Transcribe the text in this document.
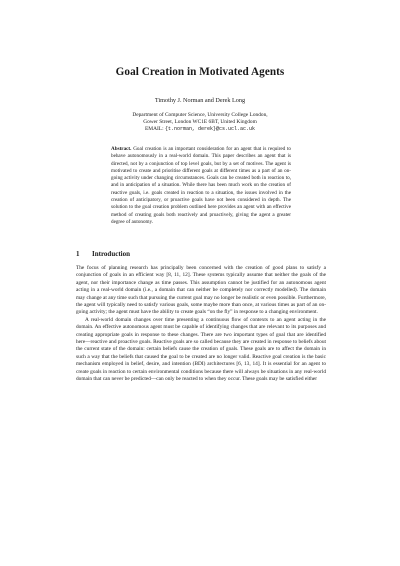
Goal Creation in Motivated Agents
Timothy J. Norman and Derek Long
Department of Computer Science, University College London,
Gower Street, London WC1E 6BT, United Kingdom
EMAIL: {t.norman, derek}@cs.ucl.ac.uk

Abstract. Goal creation is an important consideration for an agent that is required to behave autonomously in a real-world domain. This paper describes an agent that is directed, not by a conjunction of top level goals, but by a set of motives. The agent is motivated to create and prioritise different goals at different times as a part of an on-going activity under changing circumstances. Goals can be created both in reaction to, and in anticipation of a situation. While there has been much work on the creation of reactive goals, i.e. goals created in reaction to a situation, the issues involved in the creation of anticipatory, or proactive goals have not been considered in depth. The solution to the goal creation problem outlined here provides an agent with an effective method of creating goals both reactively and proactively, giving the agent a greater degree of autonomy.

1 Introduction

The focus of planning research has principally been concerned with the creation of good plans to satisfy a conjunction of goals in an efficient way [8, 11, 12]. These systems typically assume that neither the goals of the agent, nor their importance change as time passes. This assumption cannot be justified for an autonomous agent acting in a real-world domain (i.e., a domain that can neither be completely nor correctly modelled). The domain may change at any time such that pursuing the current goal may no longer be realistic or even possible. Furthermore, the agent will typically need to satisfy various goals, some maybe more than once, at various times as part of an on-going activity; the agent must have the ability to create goals “on the fly” in response to a changing environment.

A real-world domain changes over time presenting a continuous flow of contexts to an agent acting in the domain. An effective autonomous agent must be capable of identifying changes that are relevant to its purposes and creating appropriate goals in response to these changes. There are two important types of goal that are identified here—reactive and proactive goals. Reactive goals are so called because they are created in response to beliefs about the current state of the domain: certain beliefs cause the creation of goals. These goals are to affect the domain in such a way that the beliefs that caused the goal to be created are no longer valid. Reactive goal creation is the basic mechanism employed in belief, desire, and intention (BDI) architectures [6, 13, 14]. It is essential for an agent to create goals in reaction to certain environmental conditions because there will always be situations in any real-world domain that can never be predicted—can only be reacted to when they occur. These goals may be satisfied either
